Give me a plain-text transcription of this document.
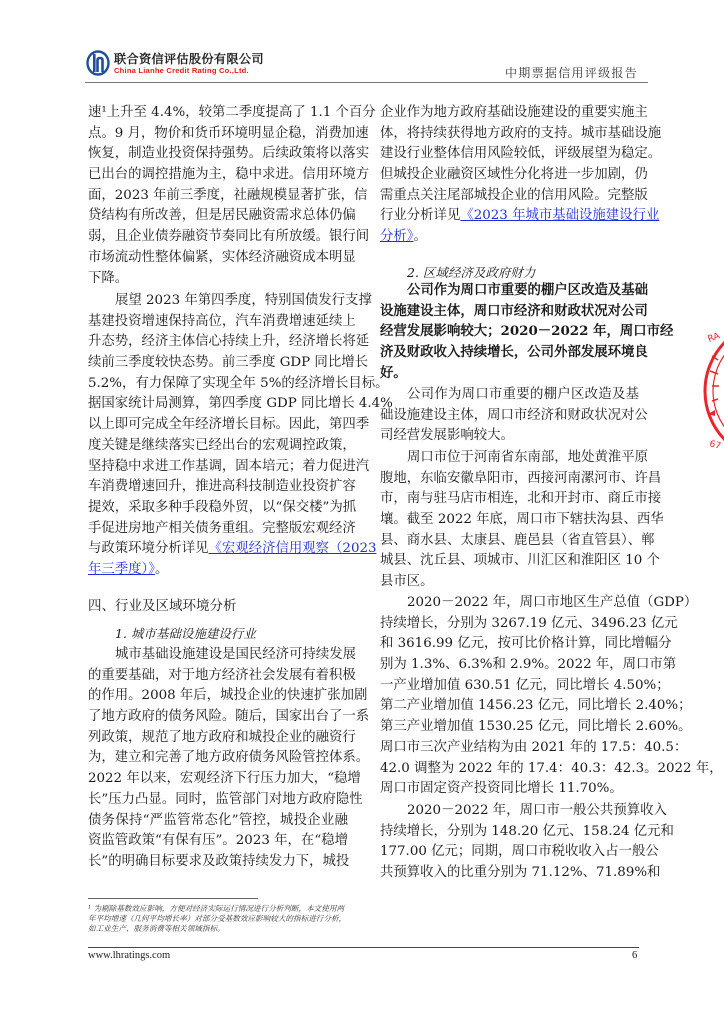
联合资信评估股份有限公司
China Lianhe Credit Rating Co.,Ltd.	中期票据信用评级报告
速¹上升至 4.4%，较第二季度提高了 1.1 个百分
点。9 月，物价和货币环境明显企稳，消费加速
恢复，制造业投资保持强势。后续政策将以落实
已出台的调控措施为主，稳中求进。信用环境方
面，2023 年前三季度，社融规模显著扩张，信
贷结构有所改善，但是居民融资需求总体仍偏
弱，且企业债券融资节奏同比有所放缓。银行间
市场流动性整体偏紧，实体经济融资成本明显
下降。
展望 2023 年第四季度，特别国债发行支撑
基建投资增速保持高位，汽车消费增速延续上
升态势，经济主体信心持续上升，经济增长将延
续前三季度较快态势。前三季度 GDP 同比增长
5.2%，有力保障了实现全年 5%的经济增长目标。
据国家统计局测算，第四季度 GDP 同比增长 4.4%
以上即可完成全年经济增长目标。因此，第四季
度关键是继续落实已经出台的宏观调控政策，
坚持稳中求进工作基调，固本培元；着力促进汽
车消费增速回升，推进高科技制造业投资扩容
提效，采取多种手段稳外贸，以“保交楼”为抓
手促进房地产相关债务重组。完整版宏观经济
与政策环境分析详见《宏观经济信用观察（2023
年三季度）》。
四、行业及区域环境分析
1. 城市基础设施建设行业
城市基础设施建设是国民经济可持续发展
的重要基础，对于地方经济社会发展有着积极
的作用。2008 年后，城投企业的快速扩张加剧
了地方政府的债务风险。随后，国家出台了一系
列政策，规范了地方政府和城投企业的融资行
为，建立和完善了地方政府债务风险管控体系。
2022 年以来，宏观经济下行压力加大，“稳增
长”压力凸显。同时，监管部门对地方政府隐性
债务保持“严监管常态化”管控，城投企业融
资监管政策“有保有压”。2023 年，在“稳增
长”的明确目标要求及政策持续发力下，城投
¹ 为剔除基数效应影响，方便对经济实际运行情况进行分析判断，本文使用两年平均增速（几何平均增长率）对部分受基数效应影响较大的指标进行分析，如工业生产、服务消费等相关领域指标。
企业作为地方政府基础设施建设的重要实施主
体，将持续获得地方政府的支持。城市基础设施
建设行业整体信用风险较低，评级展望为稳定。
但城投企业融资区域性分化将进一步加剧，仍
需重点关注尾部城投企业的信用风险。完整版
行业分析详见《2023 年城市基础设施建设行业
分析》。
2. 区域经济及政府财力
公司作为周口市重要的棚户区改造及基础
设施建设主体，周口市经济和财政状况对公司
经营发展影响较大；2020－2022 年，周口市经
济及财政收入持续增长，公司外部发展环境良
好。
公司作为周口市重要的棚户区改造及基
础设施建设主体，周口市经济和财政状况对公
司经营发展影响较大。
周口市位于河南省东南部，地处黄淮平原
腹地，东临安徽阜阳市，西接河南漯河市、许昌
市，南与驻马店市相连，北和开封市、商丘市接
壤。截至 2022 年底，周口市下辖扶沟县、西华
县、商水县、太康县、鹿邑县（省直管县）、郸
城县、沈丘县、项城市、川汇区和淮阳区 10 个
县市区。
2020－2022 年，周口市地区生产总值（GDP）
持续增长，分别为 3267.19 亿元、3496.23 亿元
和 3616.99 亿元，按可比价格计算，同比增幅分
别为 1.3%、6.3%和 2.9%。2022 年，周口市第
一产业增加值 630.51 亿元，同比增长 4.50%；
第二产业增加值 1456.23 亿元，同比增长 2.40%；
第三产业增加值 1530.25 亿元，同比增长 2.60%。
周口市三次产业结构为由 2021 年的 17.5：40.5：
42.0 调整为 2022 年的 17.4：40.3：42.3。2022 年，
周口市固定资产投资同比增长 11.70%。
2020－2022 年，周口市一般公共预算收入
持续增长，分别为 148.20 亿元、158.24 亿元和
177.00 亿元；同期，周口市税收收入占一般公
共预算收入的比重分别为 71.12%、71.89%和
RA
67
www.lhratings.com	6
